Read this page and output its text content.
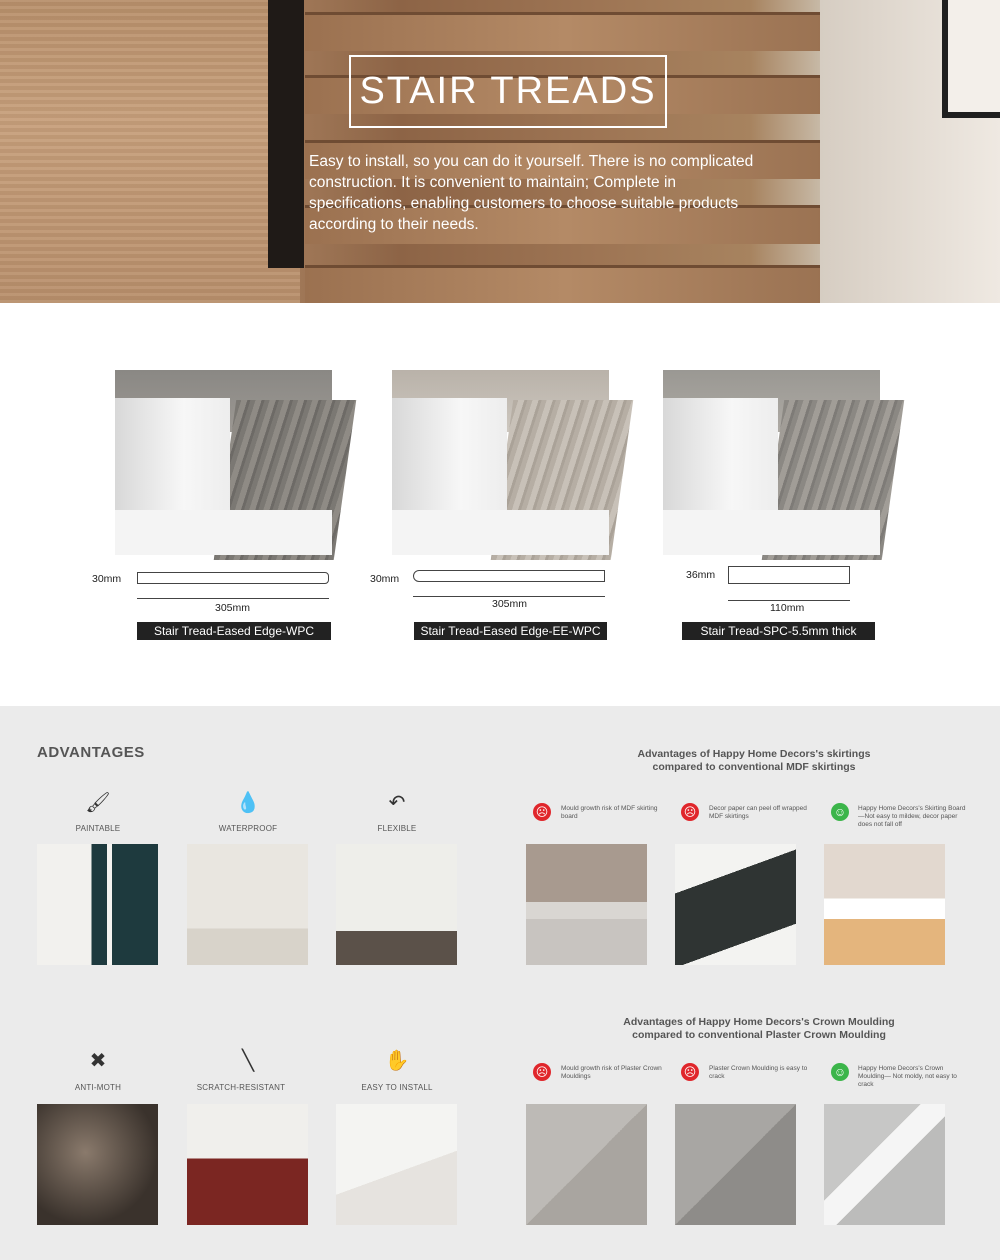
STAIR TREADS
Easy to install, so you can do it yourself. There is no complicated construction. It is convenient to maintain; Complete in specifications, enabling customers to choose suitable products according to their needs.
30mm
305mm
Stair Tread-Eased Edge-WPC
30mm
305mm
Stair Tread-Eased Edge-EE-WPC
36mm
110mm
Stair Tread-SPC-5.5mm thick
ADVANTAGES
🖌
PAINTABLE
💧
WATERPROOF
↶
FLEXIBLE
✖
ANTI-MOTH
╲
SCRATCH-RESISTANT
✋
EASY TO INSTALL
Advantages of Happy Home Decors's skirtings
compared to conventional MDF skirtings
☹	Mould growth risk of MDF skirting board	☹	Decor paper can peel off wrapped MDF skirtings	☺	Happy Home Decors's Skirting Board—Not easy to mildew, decor paper does not fall off
Advantages of Happy Home Decors's Crown Moulding
compared to conventional Plaster Crown Moulding
☹	Mould growth risk of Plaster Crown Mouldings	☹	Plaster Crown Moulding is easy to crack	☺	Happy Home Decors's Crown Moulding— Not moldy, not easy to crack
